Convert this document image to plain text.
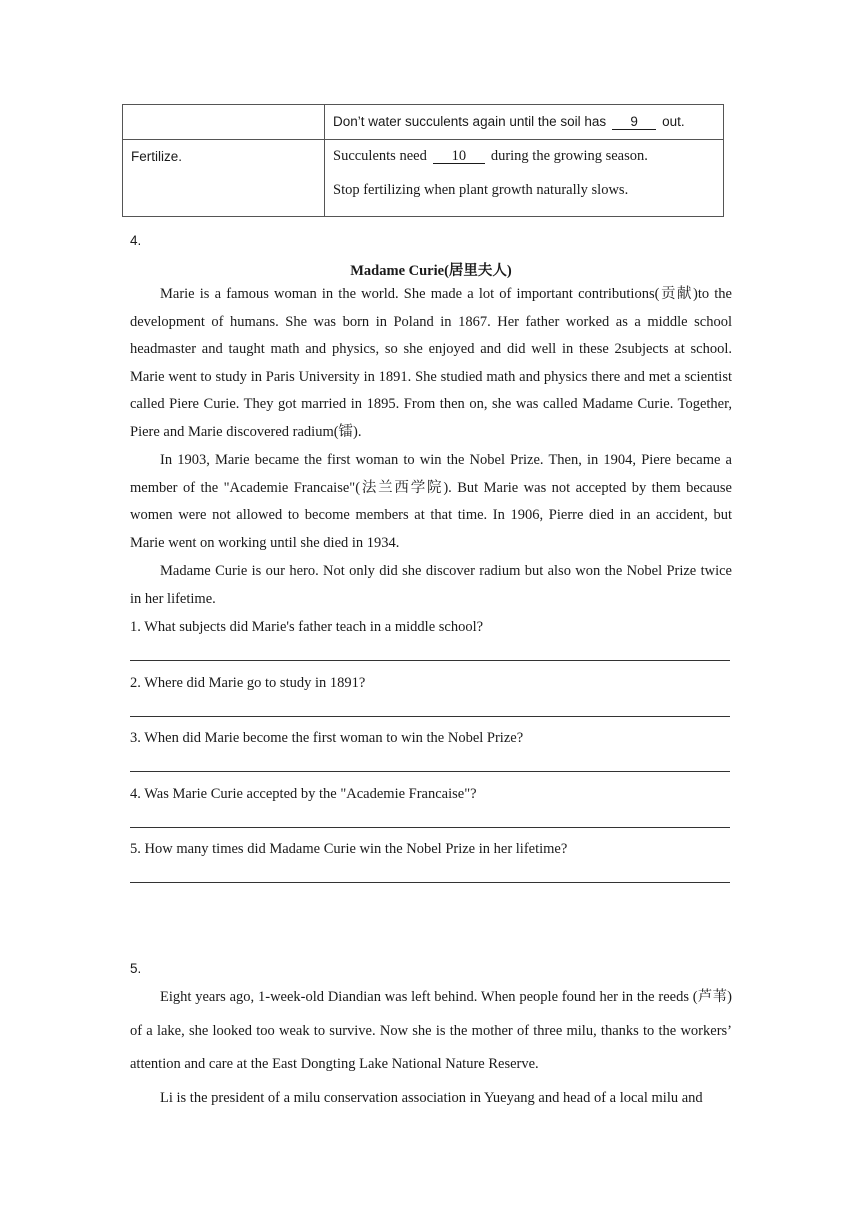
	Don’t water succulents again until the soil has 9 out.
Fertilize.	Succulents need 10 during the growing season.
Stop fertilizing when plant growth naturally slows.
4.
Madame Curie(居里夫人)

Marie is a famous woman in the world. She made a lot of important contributions(贡献)to the development of humans. She was born in Poland in 1867. Her father worked as a middle school headmaster and taught math and physics, so she enjoyed and did well in these 2subjects at school. Marie went to study in Paris University in 1891. She studied math and physics there and met a scientist called Piere Curie. They got married in 1895. From then on, she was called Madame Curie. Together, Piere and Marie discovered radium(镭).

In 1903, Marie became the first woman to win the Nobel Prize. Then, in 1904, Piere became a member of the "Academie Francaise"(法兰西学院). But Marie was not accepted by them because women were not allowed to become members at that time. In 1906, Pierre died in an accident, but Marie went on working until she died in 1934.

Madame Curie is our hero. Not only did she discover radium but also won the Nobel Prize twice in her lifetime.

1. What subjects did Marie's father teach in a middle school?
2. Where did Marie go to study in 1891?
3. When did Marie become the first woman to win the Nobel Prize?
4. Was Marie Curie accepted by the "Academie Francaise"?
5. How many times did Madame Curie win the Nobel Prize in her lifetime?
5.

Eight years ago, 1-week-old Diandian was left behind. When people found her in the reeds (芦苇) of a lake, she looked too weak to survive. Now she is the mother of three milu, thanks to the workers’ attention and care at the East Dongting Lake National Nature Reserve.

Li is the president of a milu conservation association in Yueyang and head of a local milu and
